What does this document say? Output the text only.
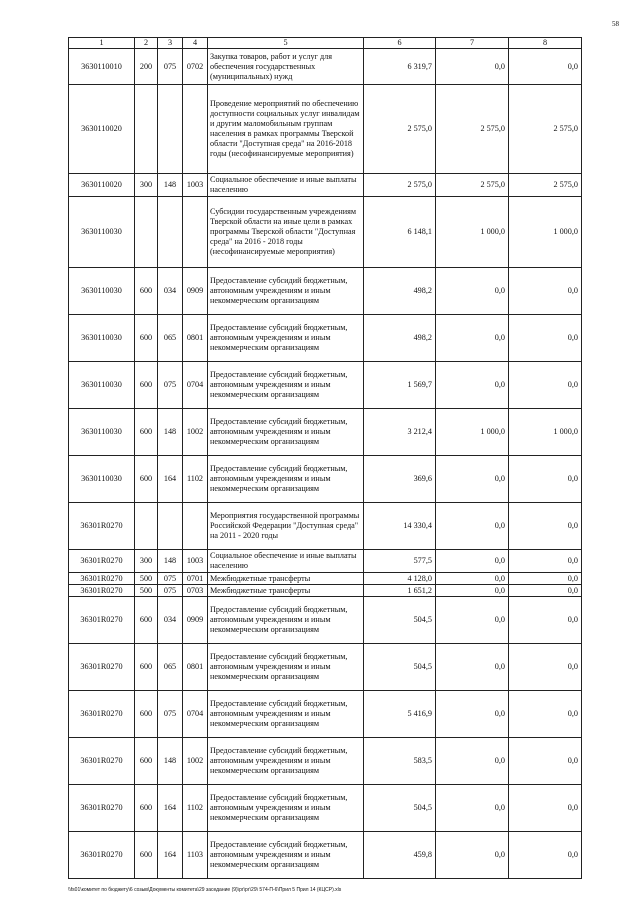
58
1	2	3	4	5	6	7	8
3630110010	200	075	0702	Закупка товаров, работ и услуг для обеспечения государственных (муниципальных) нужд	6 319,7	0,0	0,0
3630110020				Проведение мероприятий по обеспечению доступности социальных услуг инвалидам и другим маломобильным группам населения в рамках программы Тверской области "Доступная среда" на 2016-2018 годы (несофинансируемые мероприятия)	2 575,0	2 575,0	2 575,0
3630110020	300	148	1003	Социальное обеспечение и иные выплаты населению	2 575,0	2 575,0	2 575,0
3630110030				Субсидии государственным учреждениям Тверской области на иные цели в рамках программы Тверской области "Доступная среда" на 2016 - 2018 годы (несофинансируемые мероприятия)	6 148,1	1 000,0	1 000,0
3630110030	600	034	0909	Предоставление субсидий бюджетным, автономным учреждениям и иным некоммерческим организациям	498,2	0,0	0,0
3630110030	600	065	0801	Предоставление субсидий бюджетным, автономным учреждениям и иным некоммерческим организациям	498,2	0,0	0,0
3630110030	600	075	0704	Предоставление субсидий бюджетным, автономным учреждениям и иным некоммерческим организациям	1 569,7	0,0	0,0
3630110030	600	148	1002	Предоставление субсидий бюджетным, автономным учреждениям и иным некоммерческим организациям	3 212,4	1 000,0	1 000,0
3630110030	600	164	1102	Предоставление субсидий бюджетным, автономным учреждениям и иным некоммерческим организациям	369,6	0,0	0,0
36301R0270				Мероприятия государственной программы Российской Федерации "Доступная среда" на 2011 - 2020 годы	14 330,4	0,0	0,0
36301R0270	300	148	1003	Социальное обеспечение и иные выплаты населению	577,5	0,0	0,0
36301R0270	500	075	0701	Межбюджетные трансферты	4 128,0	0,0	0,0
36301R0270	500	075	0703	Межбюджетные трансферты	1 651,2	0,0	0,0
36301R0270	600	034	0909	Предоставление субсидий бюджетным, автономным учреждениям и иным некоммерческим организациям	504,5	0,0	0,0
36301R0270	600	065	0801	Предоставление субсидий бюджетным, автономным учреждениям и иным некоммерческим организациям	504,5	0,0	0,0
36301R0270	600	075	0704	Предоставление субсидий бюджетным, автономным учреждениям и иным некоммерческим организациям	5 416,9	0,0	0,0
36301R0270	600	148	1002	Предоставление субсидий бюджетным, автономным учреждениям и иным некоммерческим организациям	583,5	0,0	0,0
36301R0270	600	164	1102	Предоставление субсидий бюджетным, автономным учреждениям и иным некоммерческим организациям	504,5	0,0	0,0
36301R0270	600	164	1103	Предоставление субсидий бюджетным, автономным учреждениям и иным некоммерческим организациям	459,8	0,0	0,0
\\fs01\комитет по бюджету\6 созыв\Документы комитета\29 заседание (9)\рг\рг\29\ 574-П-6\Прил 5 Прил 14 (КЦСР).xls
